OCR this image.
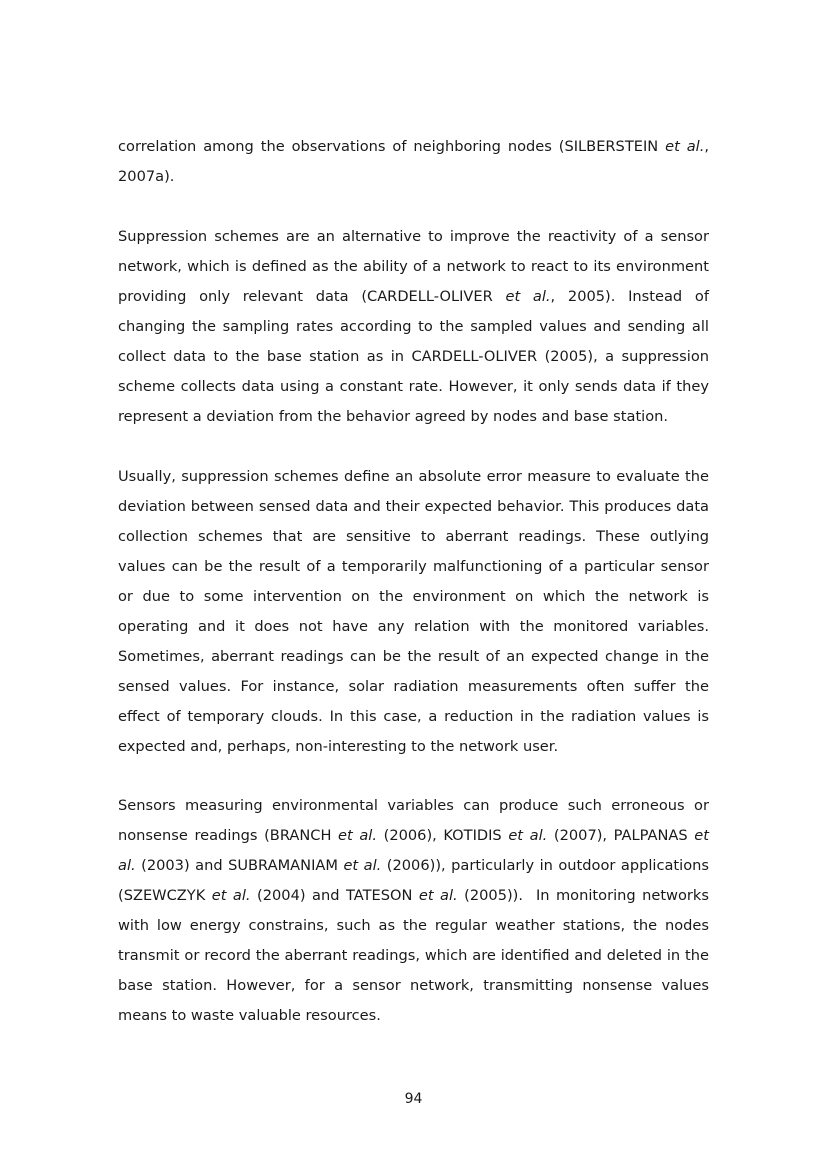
correlation among the observations of neighboring nodes (SILBERSTEIN et al., 2007a).

Suppression schemes are an alternative to improve the reactivity of a sensor network, which is defined as the ability of a network to react to its environment providing only relevant data (CARDELL-OLIVER et al., 2005). Instead of  changing the sampling rates according to the sampled values and sending all collect data to the base station as in CARDELL-OLIVER (2005), a suppression scheme collects data using a constant rate. However, it only sends data if they represent a deviation from the behavior agreed by nodes and base station.

Usually, suppression schemes define an absolute error measure to evaluate the deviation between sensed data and their expected behavior. This produces data collection schemes that are sensitive to aberrant readings. These outlying values can be the result of a temporarily malfunctioning of a particular sensor or due to some intervention on the environment on which the network is operating and it does not have any relation with the monitored variables. Sometimes, aberrant readings can be the result of an expected change in the sensed values. For instance, solar radiation measurements often suffer the effect of temporary clouds. In this case, a reduction in the radiation values is expected and, perhaps, non-interesting to the network user.

Sensors measuring environmental variables can produce such erroneous or nonsense readings (BRANCH et al. (2006), KOTIDIS et al. (2007), PALPANAS et al. (2003) and SUBRAMANIAM et al. (2006)), particularly in outdoor applications (SZEWCZYK et al. (2004) and TATESON et al. (2005)).  In monitoring networks with low energy constrains, such as the regular weather stations, the nodes transmit or record the aberrant readings, which are identified and deleted in the base station. However, for a sensor network, transmitting nonsense values means to waste valuable resources.

94
